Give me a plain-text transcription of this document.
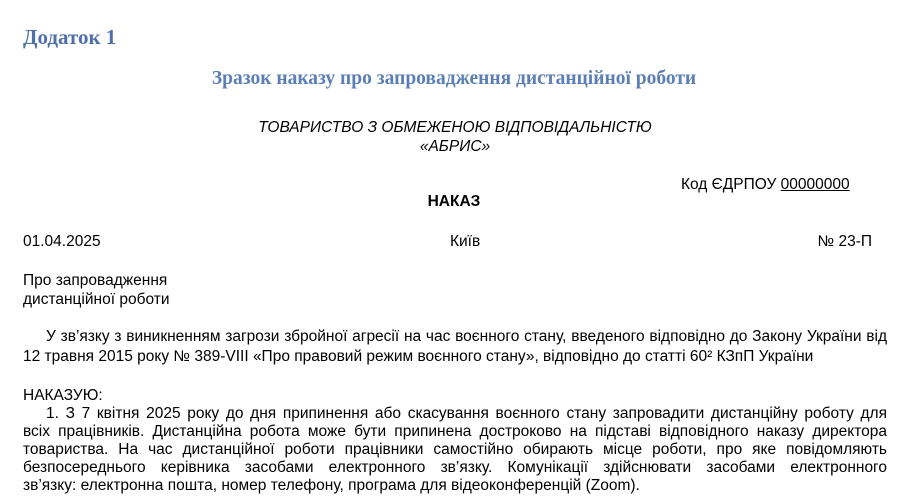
Додаток 1
Зразок наказу про запровадження дистанційної роботи
ТОВАРИСТВО З ОБМЕЖЕНОЮ ВІДПОВІДАЛЬНІСТЮ
«АБРИС»
Код ЄДРПОУ 00000000
НАКАЗ
01.04.2025	Київ	№ 23-П
Про запровадження
дистанційної роботи
У зв’язку з виникненням загрози збройної агресії на час воєнного стану, введеного відповідно до Закону України від 12 травня 2015 року № 389-VIII «Про правовий режим воєнного стану», відповідно до статті 60² КЗпП України
НАКАЗУЮ:
1. З 7 квітня 2025 року до дня припинення або скасування воєнного стану запровадити дистанційну роботу для
всіх працівників. Дистанційна робота може бути припинена достроково на підставі відповідного наказу директора
товариства. На час дистанційної роботи працівники самостійно обирають місце роботи, про яке повідомляють
безпосереднього керівника засобами електронного зв’язку. Комунікації здійснювати засобами електронного
зв’язку: електронна пошта, номер телефону, програма для відеоконференцій (Zoom).
